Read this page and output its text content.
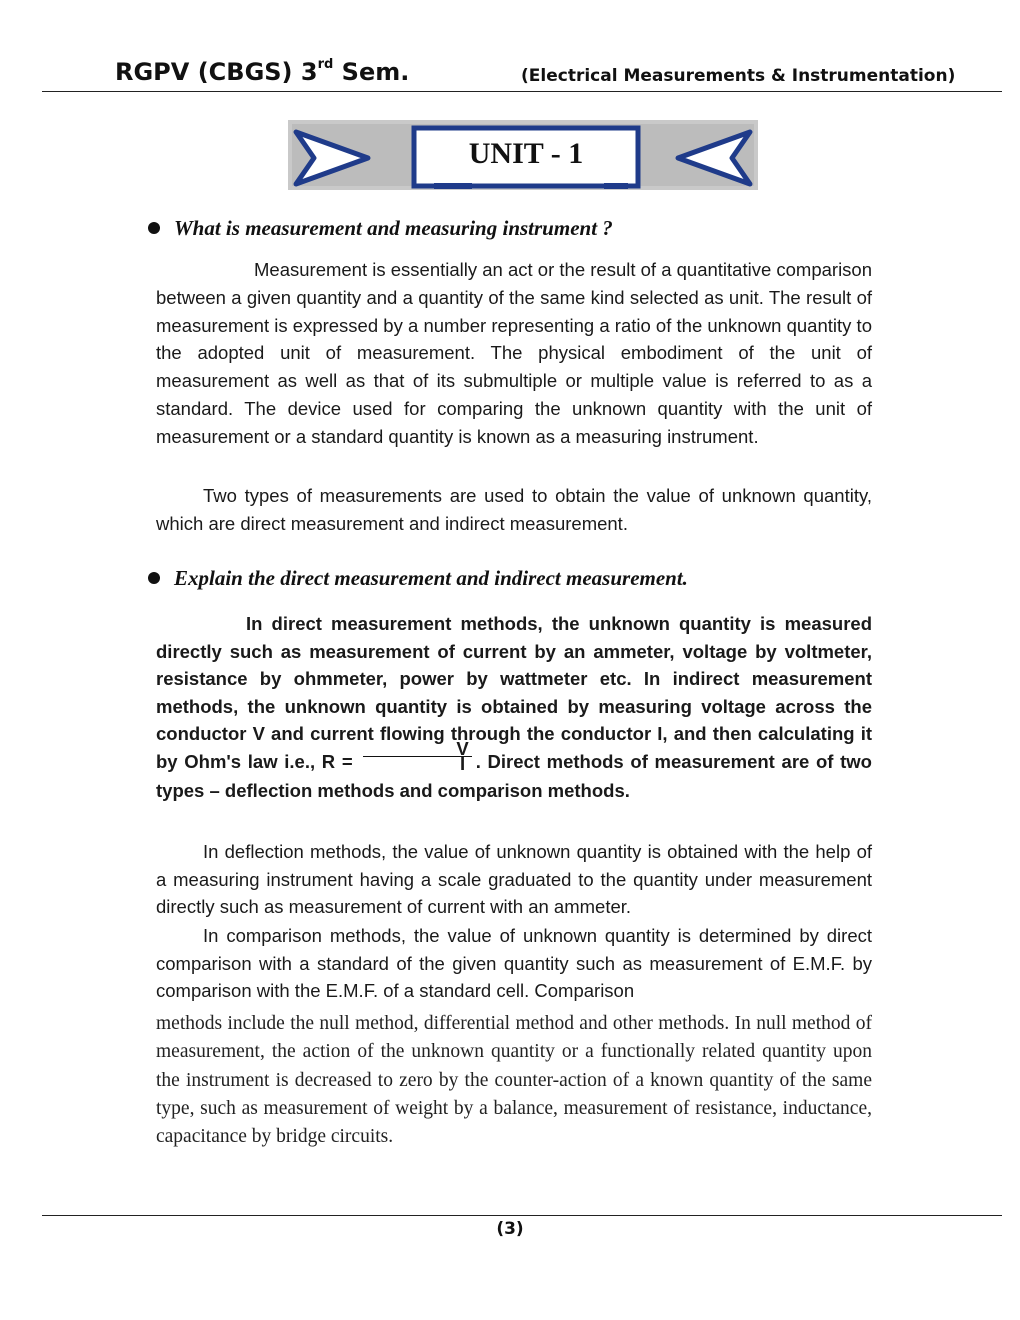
RGPV (CBGS) 3rd Sem.	(Electrical Measurements & Instrumentation)
UNIT - 1
What is measurement and measuring instrument ?

Measurement is essentially an act or the result of a quantitative comparison between a given quantity and a quantity of the same kind selected as unit. The result of measurement is expressed by a number representing a ratio of the unknown quantity to the adopted unit of measurement. The physical embodiment of the unit of measurement as well as that of its submultiple or multiple value is referred to as a standard. The device used for comparing the unknown quantity with the unit of measurement or a standard quantity is known as a measuring instrument.

Two types of measurements are used to obtain the value of unknown quantity, which are direct measurement and indirect measurement.

Explain the direct measurement and indirect measurement.

In direct measurement methods, the unknown quantity is measured directly such as measurement of current by an ammeter, voltage by voltmeter, resistance by ohmmeter, power by wattmeter etc. In indirect measurement methods, the unknown quantity is obtained by measuring voltage across the conductor V and current flowing through the conductor I, and then calculating it by Ohm's law i.e., $R = \frac{V}{I}$ . Direct methods of measurement are of two types – deflection methods and comparison methods.

In deflection methods, the value of unknown quantity is obtained with the help of a measuring instrument having a scale graduated to the quantity under measurement directly such as measurement of current with an ammeter.

In comparison methods, the value of unknown quantity is determined by direct comparison with a standard of the given quantity such as measurement of E.M.F. by comparison with the E.M.F. of a standard cell. Comparison

methods include the null method, differential method and other methods. In null method of measurement, the action of the unknown quantity or a functionally related quantity upon the instrument is decreased to zero by the counter-action of a known quantity of the same type, such as measurement of weight by a balance, measurement of resistance, inductance, capacitance by bridge circuits.

(3)
